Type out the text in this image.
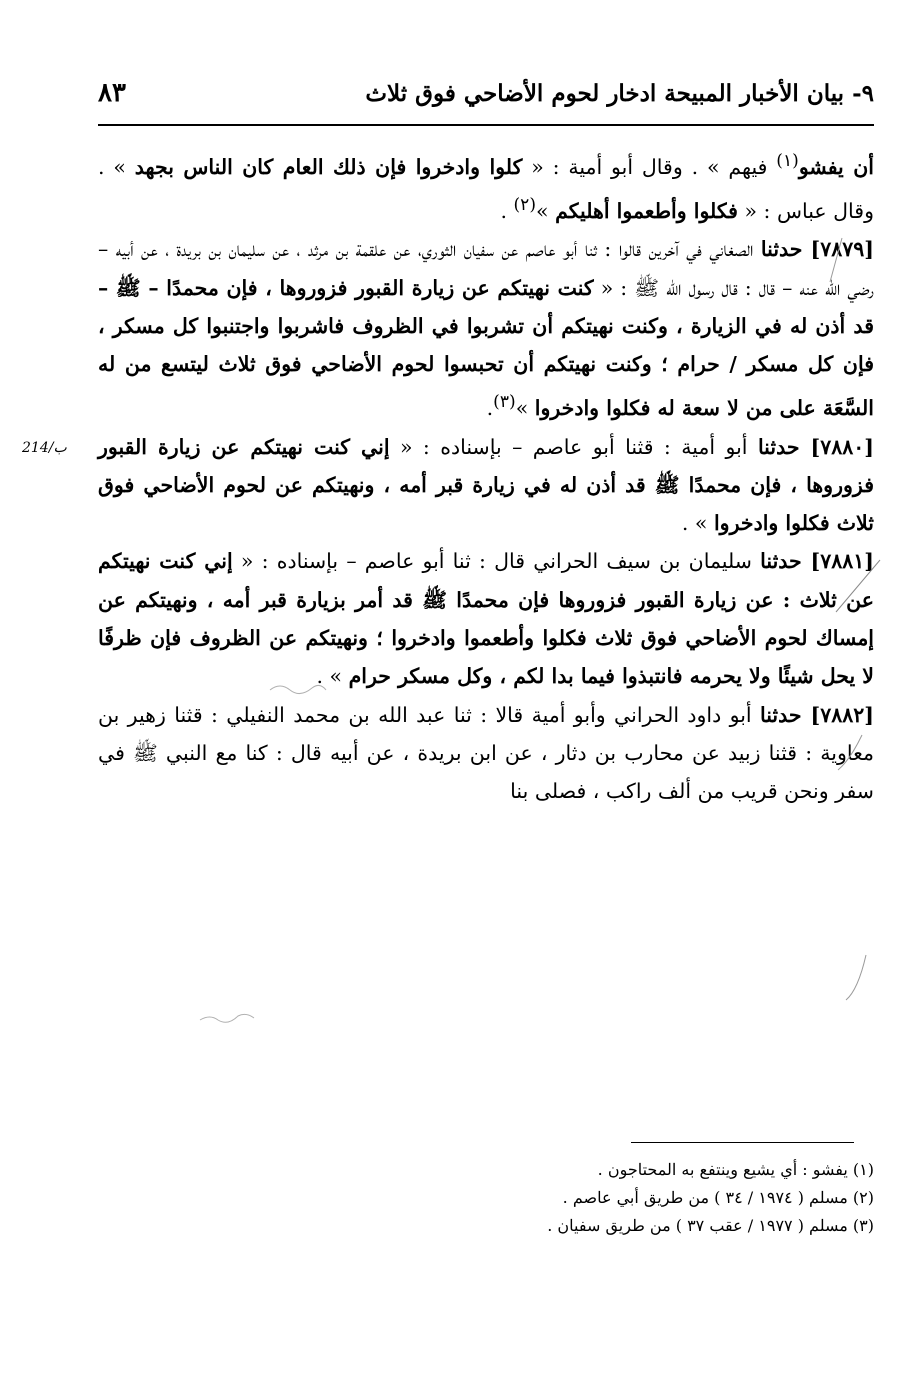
٩- بيان الأخبار المبيحة ادخار لحوم الأضاحي فوق ثلاث
٨٣
214/ب

أن يفشو$^{(١)}$ فيهم » . وقال أبو أمية : « كلوا وادخروا فإن ذلك العام كان الناس بجهد » . وقال عباس : « فكلوا وأطعموا أهليكم »$^{(٢)}$ .

[٧٨٧٩] حدثنا الصغاني في آخرين قالوا : ثنا أبو عاصم عن سفيان الثوري، عن علقمة بن مرثد ، عن سليمان بن بريدة ، عن أبيه – رضي الله عنه – قال : قال رسول الله ﷺ : « كنت نهيتكم عن زيارة القبور فزوروها ، فإن محمدًا – ﷺ – قد أذن له في الزيارة ، وكنت نهيتكم أن تشربوا في الظروف فاشربوا واجتنبوا كل مسكر ، فإن كل مسكر / حرام ؛ وكنت نهيتكم أن تحبسوا لحوم الأضاحي فوق ثلاث ليتسع من له السَّعَة على من لا سعة له فكلوا وادخروا »$^{(٣)}$.

[٧٨٨٠] حدثنا أبو أمية : قثنا أبو عاصم – بإسناده : « إني كنت نهيتكم عن زيارة القبور فزوروها ، فإن محمدًا ﷺ قد أذن له في زيارة قبر أمه ، ونهيتكم عن لحوم الأضاحي فوق ثلاث فكلوا وادخروا » .

[٧٨٨١] حدثنا سليمان بن سيف الحراني قال : ثنا أبو عاصم – بإسناده : « إني كنت نهيتكم عن ثلاث : عن زيارة القبور فزوروها فإن محمدًا ﷺ قد أمر بزيارة قبر أمه ، ونهيتكم عن إمساك لحوم الأضاحي فوق ثلاث فكلوا وأطعموا وادخروا ؛ ونهيتكم عن الظروف فإن ظرفًا لا يحل شيئًا ولا يحرمه فانتبذوا فيما بدا لكم ، وكل مسكر حرام » .

[٧٨٨٢] حدثنا أبو داود الحراني وأبو أمية قالا : ثنا عبد الله بن محمد النفيلي : قثنا زهير بن معاوية : قثنا زبيد عن محارب بن دثار ، عن ابن بريدة ، عن أبيه قال : كنا مع النبي ﷺ في سفر ونحن قريب من ألف راكب ، فصلى بنا

(١) يفشو : أي يشيع وينتفع به المحتاجون .
(٢) مسلم ( ١٩٧٤ / ٣٤ ) من طريق أبي عاصم .
(٣) مسلم ( ١٩٧٧ / عقب ٣٧ ) من طريق سفيان .
